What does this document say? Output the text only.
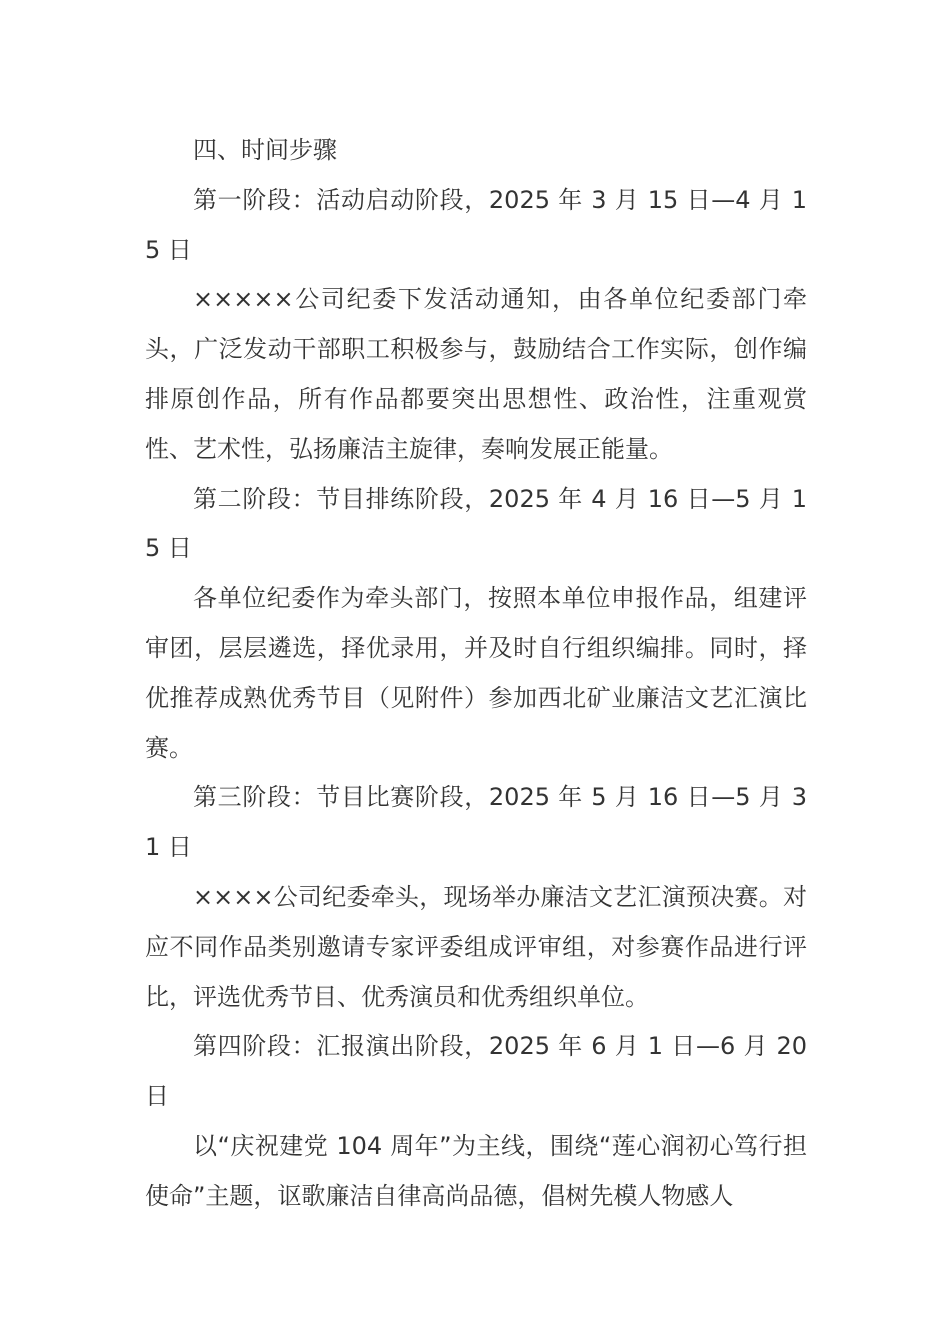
四、时间步骤

第一阶段：活动启动阶段，2025 年 3 月 15 日—4 月 15 日

×××××公司纪委下发活动通知，由各单位纪委部门牵头，广泛发动干部职工积极参与，鼓励结合工作实际，创作编排原创作品，所有作品都要突出思想性、政治性，注重观赏性、艺术性，弘扬廉洁主旋律，奏响发展正能量。

第二阶段：节目排练阶段，2025 年 4 月 16 日—5 月 15 日

各单位纪委作为牵头部门，按照本单位申报作品，组建评审团，层层遴选，择优录用，并及时自行组织编排。同时，择优推荐成熟优秀节目（见附件）参加西北矿业廉洁文艺汇演比赛。

第三阶段：节目比赛阶段，2025 年 5 月 16 日—5 月 31 日

××××公司纪委牵头，现场举办廉洁文艺汇演预决赛。对应不同作品类别邀请专家评委组成评审组，对参赛作品进行评比，评选优秀节目、优秀演员和优秀组织单位。

第四阶段：汇报演出阶段，2025 年 6 月 1 日—6 月 20 日

以“庆祝建党 104 周年”为主线，围绕“莲心润初心笃行担使命”主题，讴歌廉洁自律高尚品德，倡树先模人物感人
